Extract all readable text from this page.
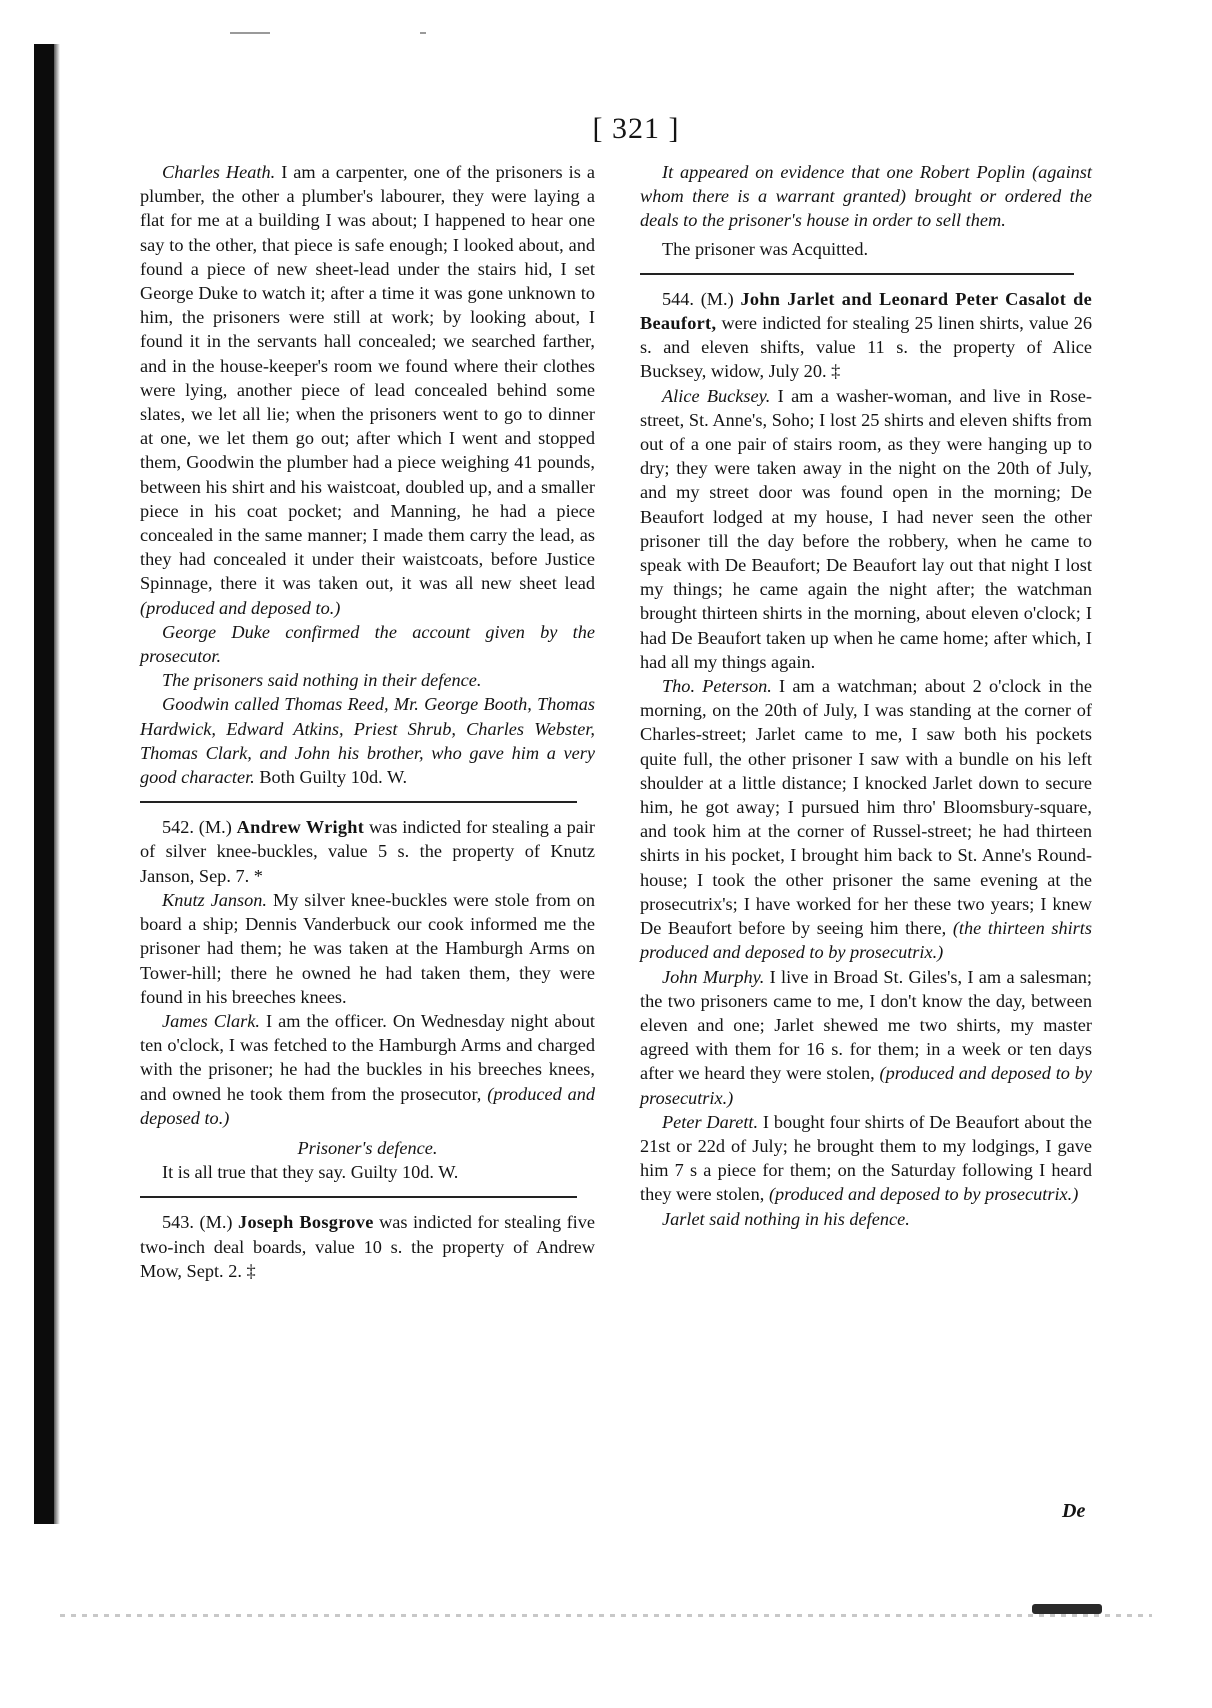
[ 321 ]

Charles Heath. I am a carpenter, one of the prisoners is a plumber, the other a plumber's labourer, they were laying a flat for me at a building I was about; I happened to hear one say to the other, that piece is safe enough; I looked about, and found a piece of new sheet-lead under the stairs hid, I set George Duke to watch it; after a time it was gone unknown to him, the prisoners were still at work; by looking about, I found it in the servants hall concealed; we searched farther, and in the house-keeper's room we found where their clothes were lying, another piece of lead concealed behind some slates, we let all lie; when the prisoners went to go to dinner at one, we let them go out; after which I went and stopped them, Goodwin the plumber had a piece weighing 41 pounds, between his shirt and his waistcoat, doubled up, and a smaller piece in his coat pocket; and Manning, he had a piece concealed in the same manner; I made them carry the lead, as they had concealed it under their waistcoats, before Justice Spinnage, there it was taken out, it was all new sheet lead (produced and deposed to.)

George Duke confirmed the account given by the prosecutor.

The prisoners said nothing in their defence.

Goodwin called Thomas Reed, Mr. George Booth, Thomas Hardwick, Edward Atkins, Priest Shrub, Charles Webster, Thomas Clark, and John his brother, who gave him a very good character. Both Guilty 10d. W.

542. (M.) Andrew Wright was indicted for stealing a pair of silver knee-buckles, value 5 s. the property of Knutz Janson, Sep. 7. *

Knutz Janson. My silver knee-buckles were stole from on board a ship; Dennis Vanderbuck our cook informed me the prisoner had them; he was taken at the Hamburgh Arms on Tower-hill; there he owned he had taken them, they were found in his breeches knees.

James Clark. I am the officer. On Wednesday night about ten o'clock, I was fetched to the Hamburgh Arms and charged with the prisoner; he had the buckles in his breeches knees, and owned he took them from the prosecutor, (produced and deposed to.)

Prisoner's defence.

It is all true that they say. Guilty 10d. W.

543. (M.) Joseph Bosgrove was indicted for stealing five two-inch deal boards, value 10 s. the property of Andrew Mow, Sept. 2. ‡

It appeared on evidence that one Robert Poplin (against whom there is a warrant granted) brought or ordered the deals to the prisoner's house in order to sell them.

The prisoner was Acquitted.

544. (M.) John Jarlet and Leonard Peter Casalot de Beaufort, were indicted for stealing 25 linen shirts, value 26 s. and eleven shifts, value 11 s. the property of Alice Bucksey, widow, July 20. ‡

Alice Bucksey. I am a washer-woman, and live in Rose-street, St. Anne's, Soho; I lost 25 shirts and eleven shifts from out of a one pair of stairs room, as they were hanging up to dry; they were taken away in the night on the 20th of July, and my street door was found open in the morning; De Beaufort lodged at my house, I had never seen the other prisoner till the day before the robbery, when he came to speak with De Beaufort; De Beaufort lay out that night I lost my things; he came again the night after; the watchman brought thirteen shirts in the morning, about eleven o'clock; I had De Beaufort taken up when he came home; after which, I had all my things again.

Tho. Peterson. I am a watchman; about 2 o'clock in the morning, on the 20th of July, I was standing at the corner of Charles-street; Jarlet came to me, I saw both his pockets quite full, the other prisoner I saw with a bundle on his left shoulder at a little distance; I knocked Jarlet down to secure him, he got away; I pursued him thro' Bloomsbury-square, and took him at the corner of Russel-street; he had thirteen shirts in his pocket, I brought him back to St. Anne's Round-house; I took the other prisoner the same evening at the prosecutrix's; I have worked for her these two years; I knew De Beaufort before by seeing him there, (the thirteen shirts produced and deposed to by prosecutrix.)

John Murphy. I live in Broad St. Giles's, I am a salesman; the two prisoners came to me, I don't know the day, between eleven and one; Jarlet shewed me two shirts, my master agreed with them for 16 s. for them; in a week or ten days after we heard they were stolen, (produced and deposed to by prosecutrix.)

Peter Darett. I bought four shirts of De Beaufort about the 21st or 22d of July; he brought them to my lodgings, I gave him 7 s a piece for them; on the Saturday following I heard they were stolen, (produced and deposed to by prosecutrix.)

Jarlet said nothing in his defence.

De
